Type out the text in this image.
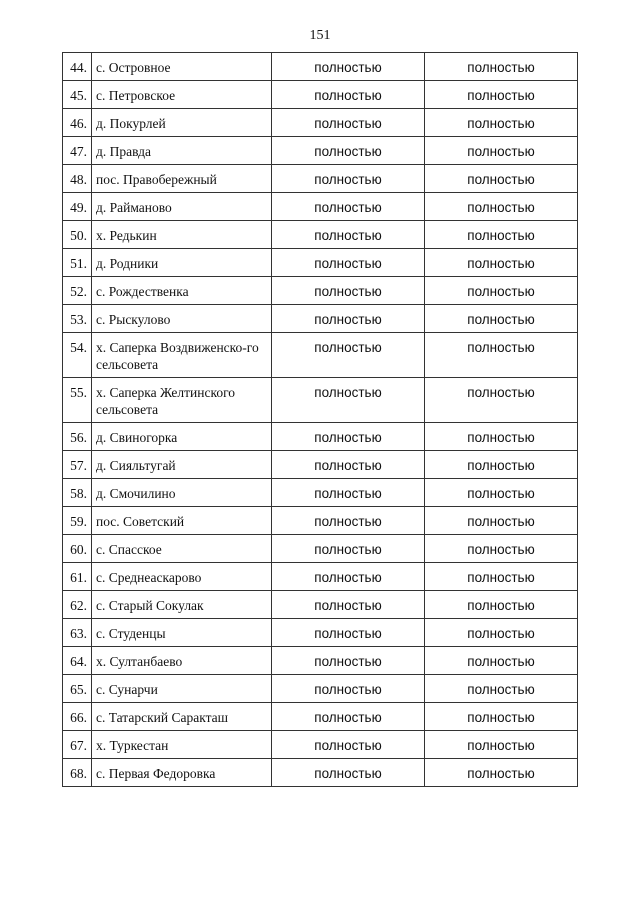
151
44.	с. Островное	полностью	полностью
45.	с. Петровское	полностью	полностью
46.	д. Покурлей	полностью	полностью
47.	д. Правда	полностью	полностью
48.	пос. Правобережный	полностью	полностью
49.	д. Райманово	полностью	полностью
50.	х. Редькин	полностью	полностью
51.	д. Родники	полностью	полностью
52.	с. Рождественка	полностью	полностью
53.	с. Рыскулово	полностью	полностью
54.	х. Саперка Воздвиженско-го сельсовета	полностью	полностью
55.	х. Саперка Желтинского сельсовета	полностью	полностью
56.	д. Свиногорка	полностью	полностью
57.	д. Сияльтугай	полностью	полностью
58.	д. Смочилино	полностью	полностью
59.	пос. Советский	полностью	полностью
60.	с. Спасское	полностью	полностью
61.	с. Среднеаскарово	полностью	полностью
62.	с. Старый Сокулак	полностью	полностью
63.	с. Студенцы	полностью	полностью
64.	х. Султанбаево	полностью	полностью
65.	с. Сунарчи	полностью	полностью
66.	с. Татарский Саракташ	полностью	полностью
67.	х. Туркестан	полностью	полностью
68.	с. Первая Федоровка	полностью	полностью
